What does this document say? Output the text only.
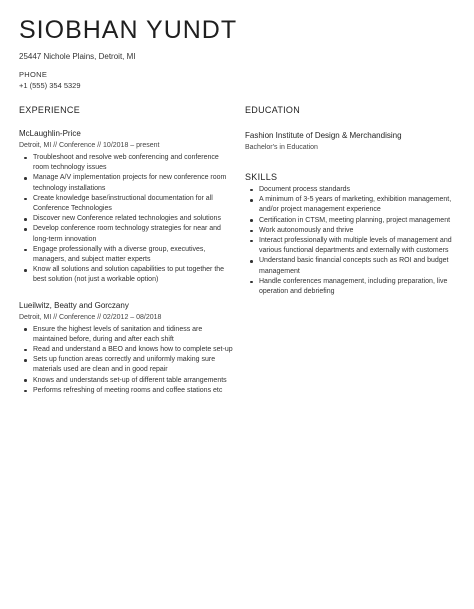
SIOBHAN YUNDT
25447 Nichole Plains, Detroit, MI
PHONE
+1 (555) 354 5329
EXPERIENCE
McLaughlin-Price
Detroit, MI // Conference // 10/2018 – present
Troubleshoot and resolve web conferencing and conference room technology issues
Manage A/V implementation projects for new conference room technology installations
Create knowledge base/instructional documentation for all Conference Technologies
Discover new Conference related technologies and solutions
Develop conference room technology strategies for near and long-term innovation
Engage professionally with a diverse group, executives, managers, and subject matter experts
Know all solutions and solution capabilities to put together the best solution (not just a workable option)
Lueilwitz, Beatty and Gorczany
Detroit, MI // Conference // 02/2012 – 08/2018
Ensure the highest levels of sanitation and tidiness are maintained before, during and after each shift
Read and understand a BEO and knows how to complete set-up
Sets up function areas correctly and uniformly making sure materials used are clean and in good repair
Knows and understands set-up of different table arrangements
Performs refreshing of meeting rooms and coffee stations etc
EDUCATION
Fashion Institute of Design & Merchandising
Bachelor's in Education
SKILLS
Document process standards
A minimum of 3-5 years of marketing, exhibition management, and/or project management experience
Certification in CTSM, meeting planning, project management
Work autonomously and thrive
Interact professionally with multiple levels of management and various functional departments and externally with customers
Understand basic financial concepts such as ROI and budget management
Handle conferences management, including preparation, live operation and debriefing
